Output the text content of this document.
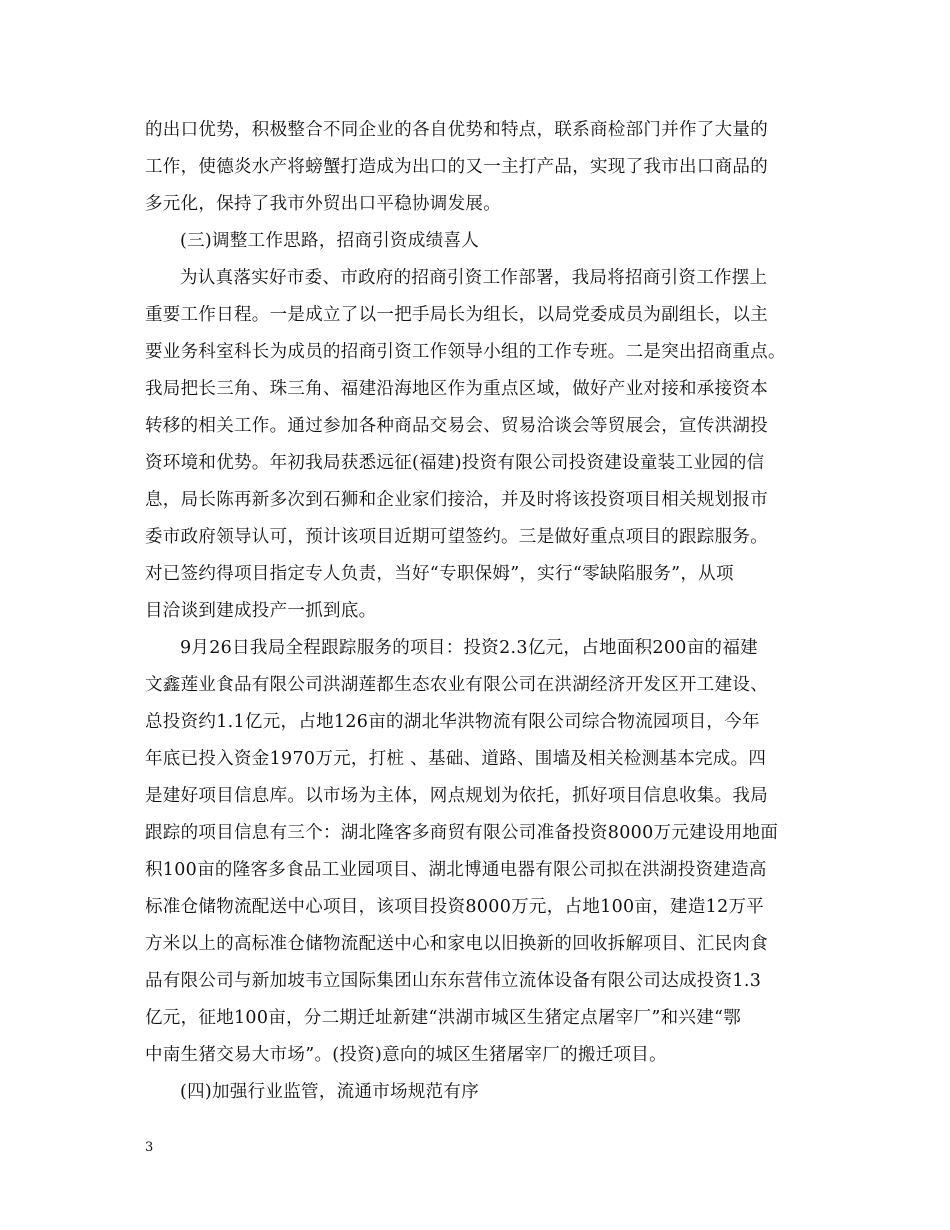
的出口优势，积极整合不同企业的各自优势和特点，联系商检部门并作了大量的
工作，使德炎水产将螃蟹打造成为出口的又一主打产品，实现了我市出口商品的
多元化，保持了我市外贸出口平稳协调发展。
(三)调整工作思路，招商引资成绩喜人
为认真落实好市委、市政府的招商引资工作部署，我局将招商引资工作摆上
重要工作日程。一是成立了以一把手局长为组长，以局党委成员为副组长，以主
要业务科室科长为成员的招商引资工作领导小组的工作专班。二是突出招商重点。
我局把长三角、珠三角、福建沿海地区作为重点区域，做好产业对接和承接资本
转移的相关工作。通过参加各种商品交易会、贸易洽谈会等贸展会，宣传洪湖投
资环境和优势。年初我局获悉远征(福建)投资有限公司投资建设童装工业园的信
息，局长陈再新多次到石狮和企业家们接洽，并及时将该投资项目相关规划报市
委市政府领导认可，预计该项目近期可望签约。三是做好重点项目的跟踪服务。
对已签约得项目指定专人负责，当好“专职保姆”，实行“零缺陷服务”，从项
目洽谈到建成投产一抓到底。
9月26日我局全程跟踪服务的项目：投资2.3亿元，占地面积200亩的福建
文鑫莲业食品有限公司洪湖莲都生态农业有限公司在洪湖经济开发区开工建设、
总投资约1.1亿元，占地126亩的湖北华洪物流有限公司综合物流园项目，今年
年底已投入资金1970万元，打桩 、基础、道路、围墙及相关检测基本完成。四
是建好项目信息库。以市场为主体，网点规划为依托，抓好项目信息收集。我局
跟踪的项目信息有三个：湖北隆客多商贸有限公司准备投资8000万元建设用地面
积100亩的隆客多食品工业园项目、湖北博通电器有限公司拟在洪湖投资建造高
标准仓储物流配送中心项目，该项目投资8000万元，占地100亩，建造12万平
方米以上的高标准仓储物流配送中心和家电以旧换新的回收拆解项目、汇民肉食
品有限公司与新加坡韦立国际集团山东东营伟立流体设备有限公司达成投资1.3
亿元，征地100亩，分二期迁址新建“洪湖市城区生猪定点屠宰厂”和兴建“鄂
中南生猪交易大市场”。(投资)意向的城区生猪屠宰厂的搬迁项目。
(四)加强行业监管，流通市场规范有序
3
